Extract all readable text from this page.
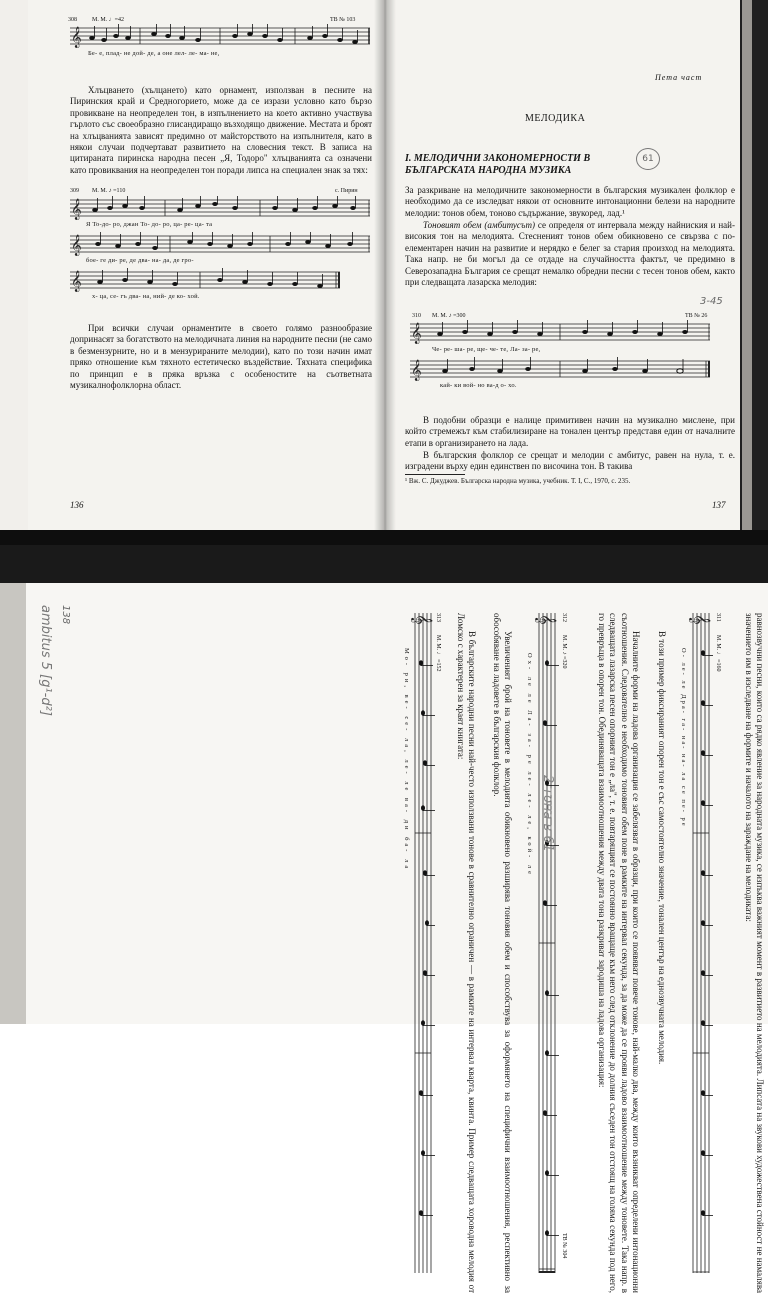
308	М. М. ♩=42	ТВ № 103
𝄞
Бе- е, плад- не дой- де, а оне лел- ле- ма- не,
Хлъцването (хълцането) като орнамент, използван в песните на Пиринския край и Средногорието, може да се изрази условно като бързо провикване на неопределен тон, в изпълнението на което активно участвува гърлото със своеобразно глисандиращо възходящо движение. Местата и броят на хлъцванията зависят предимно от майсторството на изпълнителя, като в някои случаи подчертават развитието на словесния текст. В записа на цитираната пиринска народна песен „Я, Тодоро" хлъцванията са означени като провиквания на неопределен тон поради липса на специален знак за тях:
309 М. М. ♪ =110	с. Пирин
𝄞
Я То-до- ро, джан То- до- ро, ца- ре- ца- та
𝄞
бое- ге ди- ре, де два- на- да, де гро-
𝄞
х- ца, се- гъ два- на, ний- де ко- хой.
При всички случаи орнаментите в своето голямо разнообразие допринасят за богатството на мелодичната линия на народните песни (не само в безмензурните, но и в мензурираните мелодии), като по този начин имат пряко отношение към тяхното естетическо въздействие. Тяхната специфика по принцип е в пряка връзка с особеностите на съответната музикалнофолклорна област.
136
Пета част
МЕЛОДИКА
I. МЕЛОДИЧНИ ЗАКОНОМЕРНОСТИ В БЪЛГАРСКАТА НАРОДНА МУЗИКА
61
За разкриване на мелодичните закономерности в българския музикален фолклор е необходимо да се изследват някои от основните интонационни белези на народните мелодии: тонов обем, тоново съдържание, звукоред, лад.¹
Тоновият обем (амбитусът) се определя от интервала между найниския и най-високия тон на мелодията. Стесненият тонов обем обикновено се свързва с по-елементарен начин на развитие и нерядко е белег за стария произход на мелодията. Така напр. не би могъл да се отдаде на случайността фактът, че предимно в Северозападна България се срещат немалко обредни песни с тесен тонов обем, както при следващата лазарска мелодия:
3-45
310 М. М. ♪ =300	ТВ № 26
𝄞
Че- ре- ша- ре, ще- че- те, Ла- за- ре,
𝄞
кай- ки вой- но ва-д о- хо.
В подобни образци е налице примитивен начин на музикално мислене, при който стремежът към стабилизиране на тонален център представя един от началните етапи в организирането на лада.
В българския фолклор се срещат и мелодии с амбитус, равен на нула, т. е. изградени върху един единствен по височина тон. В такива
¹ Вж. С. Джуджев. Българска народна музика, учебник. Т. I, С., 1970, с. 235.
137
равнозвучни песни, които са рядко явление за народната музика, се изпъква важният момент в развитието на мелодията. Липсата на звукови художествена стойност не намалява значението им в изследване на формите и началото на зараждане на мелодиката:
311
М. М. ♩ =160
𝄞
О- ле- ле Дра- га- на- на- ла се пе- ре
В този пример фиксираният опорен тон е със самостоятелно значение, тонален център на еднозвучната мелодия.
Началните форми на ладова организация се забелязват в образци, при които се появяват повече тонове, най-малко два, между които възникват определени интонационни съотношения. Следователно е необходимо тоновият обем поне в рамките на интервал секунда, за да може да се прояви ладово взаимоотношение между тоновете. Така напр. в следващата лазарска песен опорният тон е „ла", т. е. повтарящият се постоянно вращаще към него след отклонение до долния съседен тон отстоящ на голяма секунда под него, го превръща в опорен тон. Обединяващата взаимоотношения между двата тона разкриват зародиша на ладова организация:
312
М. М. ♪ =320
ТВ № 304
𝄞
Ох- ле ле Ла- за- ре ле- ле- ле, кой- ле
Увеличеният брой на тоновете в мелодията обикновено разширява тоновия обем и способствува за оформянето на специфични взаимоотношения, респективно за обособяване на ладовете в българския фолклор.
В българските народни песни най-често използвани тонове в сравнително ограничен — в рамките на интервал кварта, квинта. Пример следващата хороводна мелодия от Ломско с характерен за краят книгата:
313
М. М. ♩ =152
𝄞
Мо- ри, ве- се- ла, ле- ле ва- ди ба- ла
138
ambitus 5 [g¹-d²]
2 тона в 61
